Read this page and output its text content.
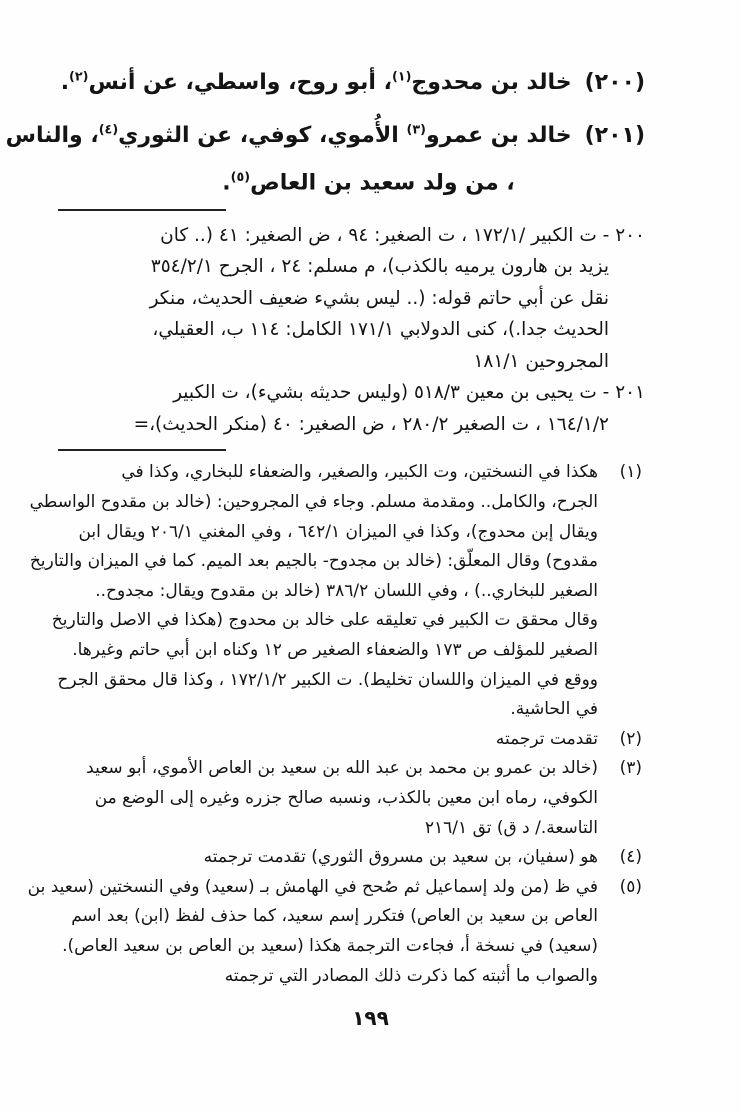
(٢٠٠)خالد بن محدوج$^{(١)}$، أبو روح، واسطي، عن أنس$^{(٢)}$.
(٢٠١)خالد بن عمرو$^{(٣)}$ الأُموي، كوفي، عن الثوري$^{(٤)}$، والناس
، من ولد سعيد بن العاص$^{(٥)}$.
٢٠٠ - ت الكبير /١٧٢/١ ، ت الصغير: ٩٤ ، ض الصغير: ٤١ (.. كان
يزيد بن هارون يرميه بالكذب)، م مسلم: ٢٤ ، الجرح ٣٥٤/٢/١
نقل عن أبي حاتم قوله: (.. ليس بشيء ضعيف الحديث، منكر
الحديث جدا.)، كنى الدولابي ١٧١/١ الكامل: ١١٤ ب، العقيلي،
المجروحين ١٨١/١
٢٠١ - ت يحيى بن معين ٥١٨/٣ (وليس حديثه بشيء)، ت الكبير
١٦٤/١/٢ ، ت الصغير ٢٨٠/٢ ، ض الصغير: ٤٠ (منكر الحديث)،=
(١)
هكذا في النسختين، وت الكبير، والصغير، والضعفاء للبخاري، وكذا في
الجرح، والكامل.. ومقدمة مسلم. وجاء في المجروحين: (خالد بن مقدوح الواسطي
ويقال إبن محدوج)، وكذا في الميزان ٦٤٢/١ ، وفي المغني ٢٠٦/١ ويقال ابن
مقدوح) وقال المعلّق: (خالد بن مجدوح- بالجيم بعد الميم. كما في الميزان والتاريخ
الصغير للبخاري..) ، وفي اللسان ٣٨٦/٢ (خالد بن مقدوح ويقال: مجدوح..
وقال محقق ت الكبير في تعليقه على خالد بن محدوج (هكذا في الاصل والتاريخ
الصغير للمؤلف ص ١٧٣ والضعفاء الصغير ص ١٢ وكناه ابن أبي حاتم وغيرها.
ووقع في الميزان واللسان تخليط). ت الكبير ١٧٢/١/٢ ، وكذا قال محقق الجرح
في الحاشية.
(٢)
تقدمت ترجمته
(٣)
(خالد بن عمرو بن محمد بن عبد الله بن سعيد بن العاص الأموي، أبو سعيد
الكوفي، رماه ابن معين بالكذب، ونسبه صالح جزره وغيره إلى الوضع من
التاسعة./ د ق) تق ٢١٦/١
(٤)
هو (سفيان، بن سعيد بن مسروق الثوري) تقدمت ترجمته
(٥)
في ظ (من ولد إسماعيل ثم صُحح في الهامش بـ (سعيد) وفي النسختين (سعيد بن
العاص بن سعيد بن العاص) فتكرر إسم سعيد، كما حذف لفظ (ابن) بعد اسم
(سعيد) في نسخة أ، فجاءت الترجمة هكذا (سعيد بن العاص بن سعيد العاص).
والصواب ما أثبته كما ذكرت ذلك المصادر التي ترجمته
١٩٩
